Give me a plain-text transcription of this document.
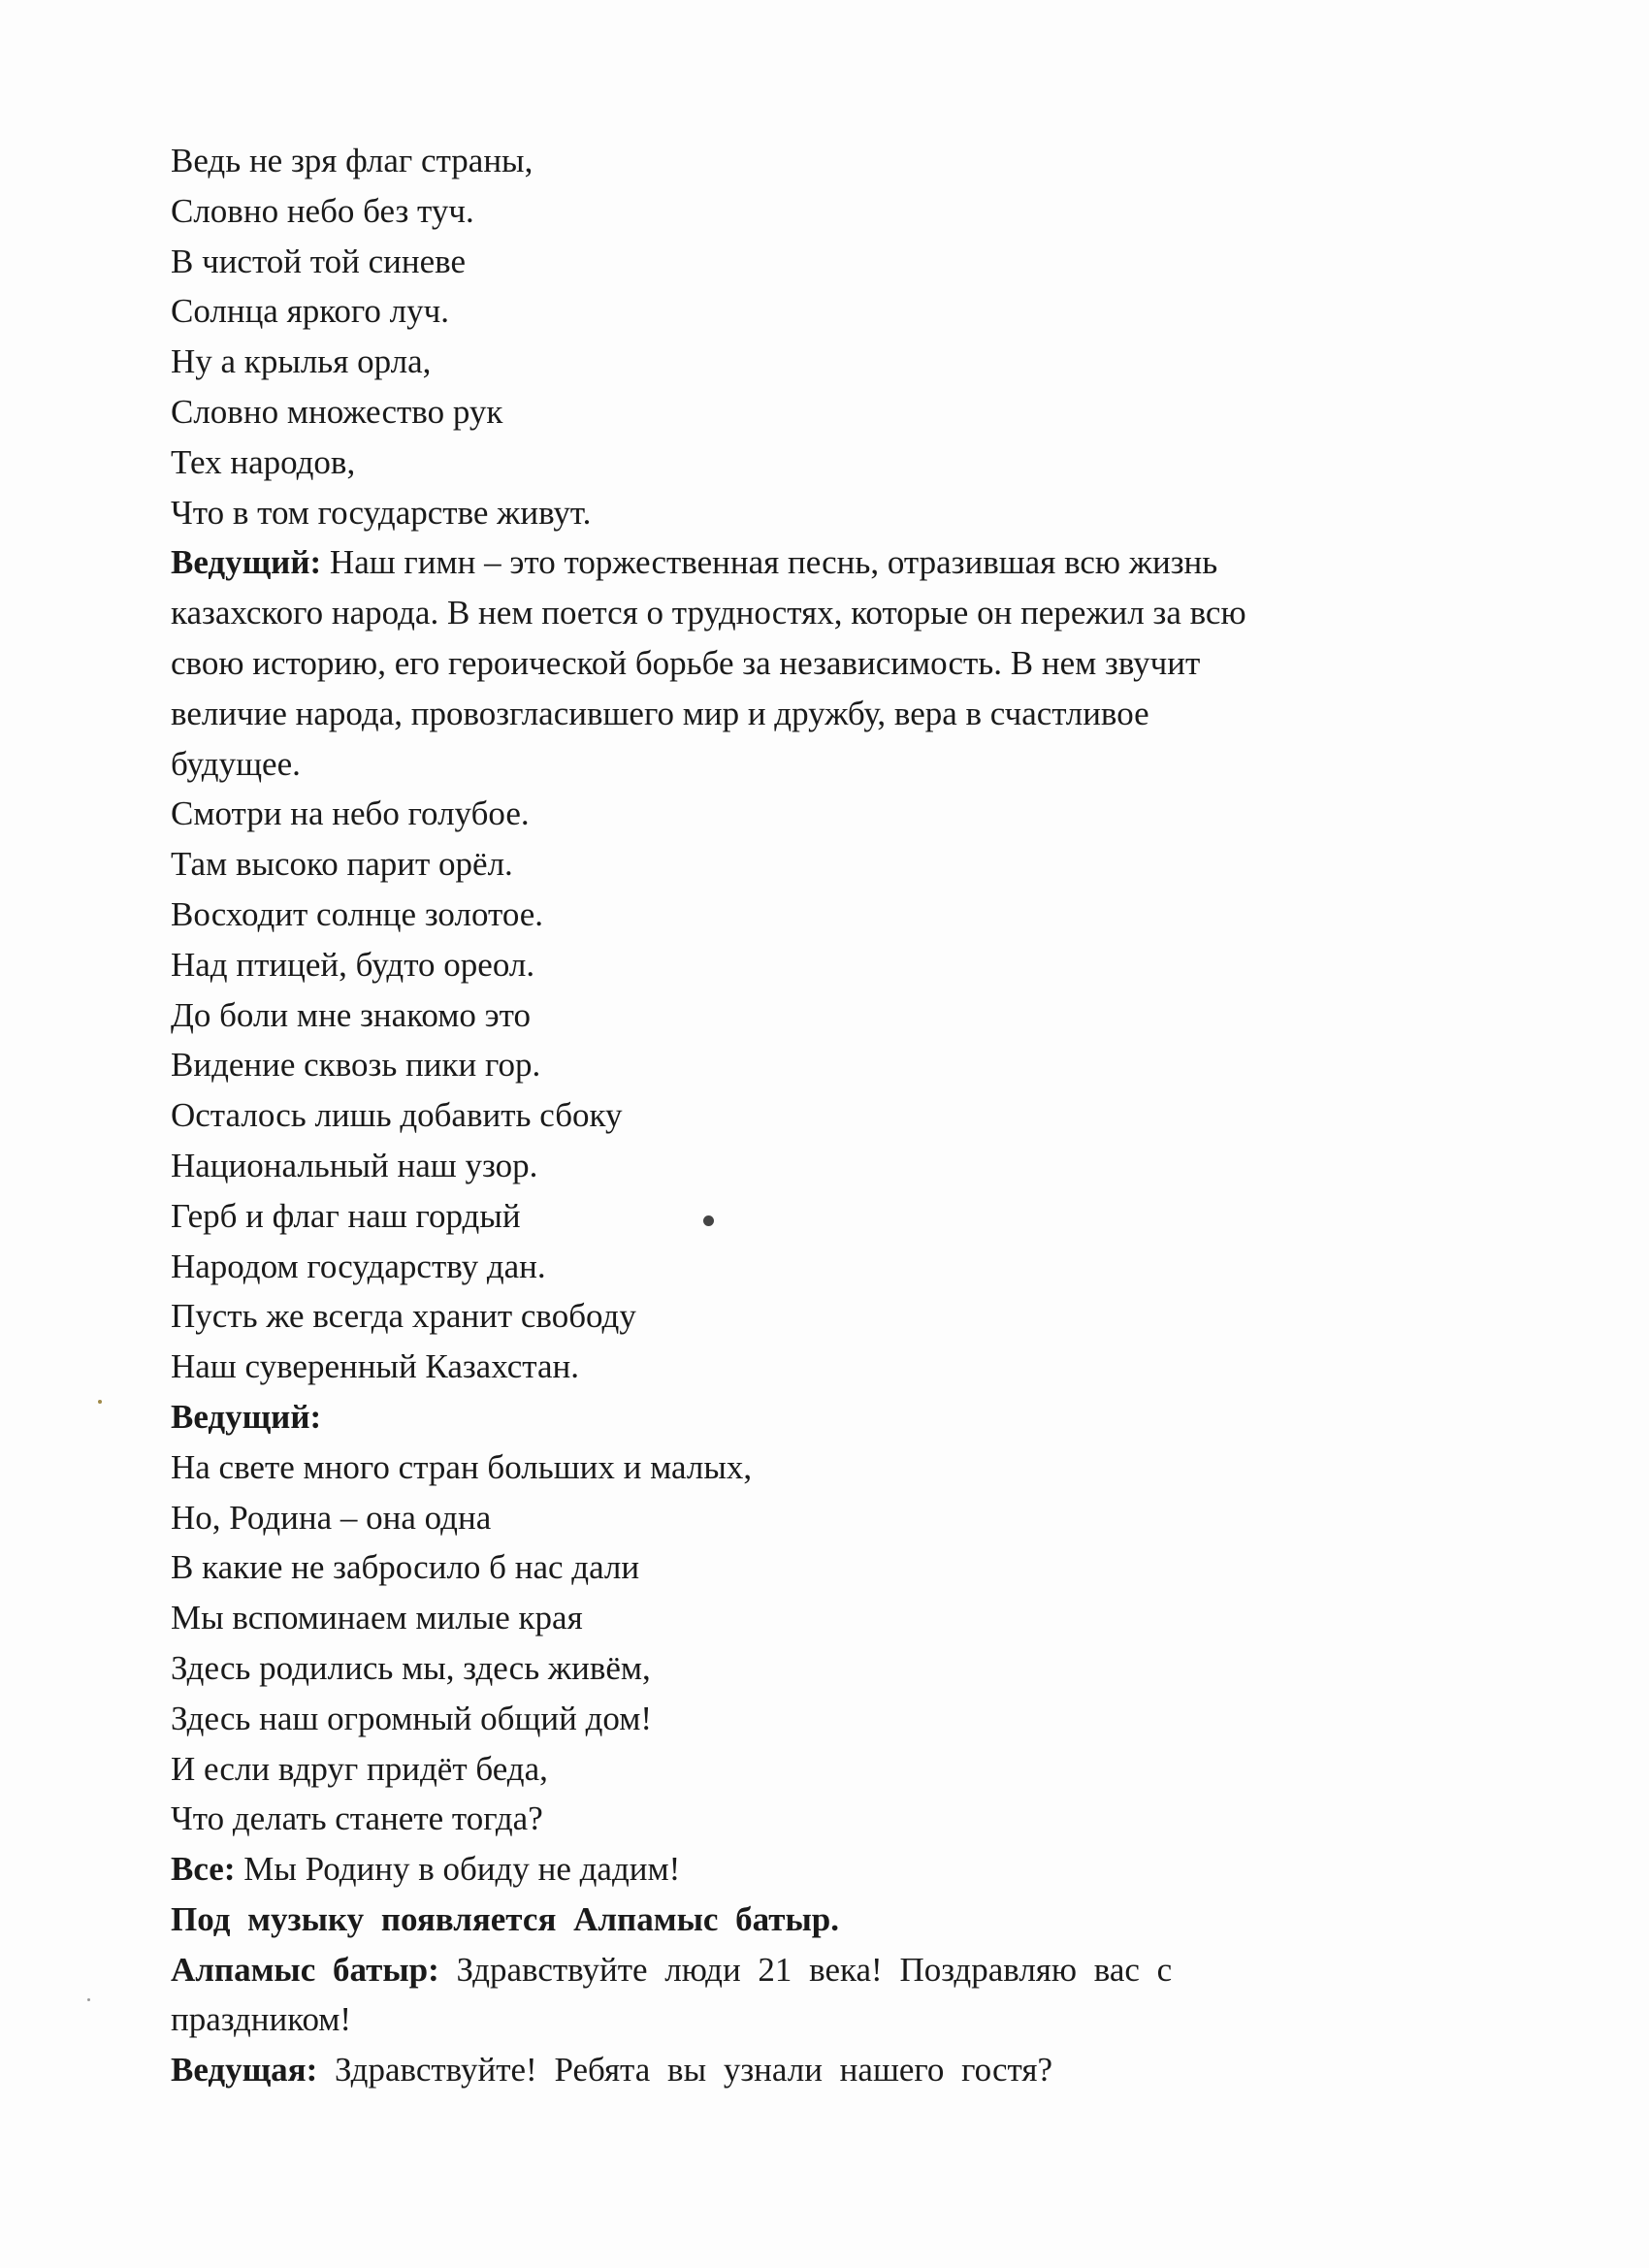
Ведь не зря флаг страны,
Словно небо без туч.
В чистой той синеве
Солнца яркого луч.
Ну а крылья орла,
Словно множество рук
Тех народов,
Что в том государстве живут.
Ведущий: Наш гимн – это торжественная песнь, отразившая всю жизнь
казахского народа. В нем поется о трудностях, которые он пережил за всю
свою историю, его героической борьбе за независимость. В нем звучит
величие народа, провозгласившего мир и дружбу, вера в счастливое
будущее.
Смотри на небо голубое.
Там высоко парит орёл.
Восходит солнце золотое.
Над птицей, будто ореол.
До боли мне знакомо это
Видение сквозь пики гор.
Осталось лишь добавить сбоку
Национальный наш узор.
Герб и флаг наш гордый
Народом государству дан.
Пусть же всегда хранит свободу
Наш суверенный Казахстан.
Ведущий:
На свете много стран больших и малых,
Но, Родина – она одна
В какие не забросило б нас дали
Мы вспоминаем милые края
Здесь родились мы, здесь живём,
Здесь наш огромный общий дом!
И если вдруг придёт беда,
Что делать станете тогда?
Все: Мы Родину в обиду не дадим!
Под музыку появляется Алпамыс батыр.
Алпамыс батыр: Здравствуйте люди 21 века! Поздравляю вас с
праздником!
Ведущая: Здравствуйте! Ребята вы узнали нашего гостя?
